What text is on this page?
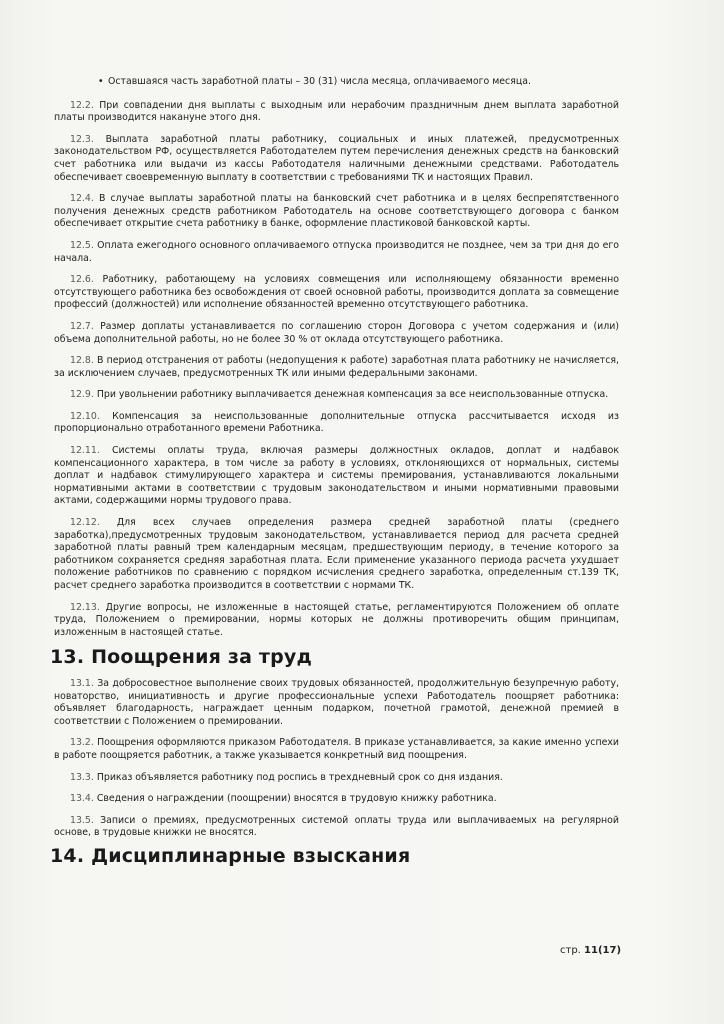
• Оставшаяся часть заработной платы – 30 (31) числа месяца, оплачиваемого месяца.

12.2. При совпадении дня выплаты с выходным или нерабочим праздничным днем выплата заработной платы производится накануне этого дня.

12.3. Выплата заработной платы работнику, социальных и иных платежей, предусмотренных законодательством РФ, осуществляется Работодателем путем перечисления денежных средств на банковский счет работника или выдачи из кассы Работодателя наличными денежными средствами. Работодатель обеспечивает своевременную выплату в соответствии с требованиями ТК и настоящих Правил.

12.4. В случае выплаты заработной платы на банковский счет работника и в целях беспрепятственного получения денежных средств работником Работодатель на основе соответствующего договора с банком обеспечивает открытие счета работнику в банке, оформление пластиковой банковской карты.

12.5. Оплата ежегодного основного оплачиваемого отпуска производится не позднее, чем за три дня до его начала.

12.6. Работнику, работающему на условиях совмещения или исполняющему обязанности временно отсутствующего работника без освобождения от своей основной работы, производится доплата за совмещение профессий (должностей) или исполнение обязанностей временно отсутствующего работника.

12.7. Размер доплаты устанавливается по соглашению сторон Договора с учетом содержания и (или) объема дополнительной работы, но не более 30 % от оклада отсутствующего работника.

12.8. В период отстранения от работы (недопущения к работе) заработная плата работнику не начисляется, за исключением случаев, предусмотренных ТК или иными федеральными законами.

12.9. При увольнении работнику выплачивается денежная компенсация за все неиспользованные отпуска.

12.10. Компенсация за неиспользованные дополнительные отпуска рассчитывается исходя из пропорционально отработанного времени Работника.

12.11. Системы оплаты труда, включая размеры должностных окладов, доплат и надбавок компенсационного характера, в том числе за работу в условиях, отклоняющихся от нормальных, системы доплат и надбавок стимулирующего характера и системы премирования, устанавливаются локальными нормативными актами в соответствии с трудовым законодательством и иными нормативными правовыми актами, содержащими нормы трудового права.

12.12. Для всех случаев определения размера средней заработной платы (среднего заработка),предусмотренных трудовым законодательством, устанавливается период для расчета средней заработной платы равный трем календарным месяцам, предшествующим периоду, в течение которого за работником сохраняется средняя заработная плата. Если применение указанного периода расчета ухудшает положение работников по сравнению с порядком исчисления среднего заработка, определенным ст.139 ТК, расчет среднего заработка производится в соответствии с нормами ТК.

12.13. Другие вопросы, не изложенные в настоящей статье, регламентируются Положением об оплате труда, Положением о премировании, нормы которых не должны противоречить общим принципам, изложенным в настоящей статье.

13. Поощрения за труд

13.1. За добросовестное выполнение своих трудовых обязанностей, продолжительную безупречную работу, новаторство, инициативность и другие профессиональные успехи Работодатель поощряет работника: объявляет благодарность, награждает ценным подарком, почетной грамотой, денежной премией в соответствии с Положением о премировании.

13.2. Поощрения оформляются приказом Работодателя. В приказе устанавливается, за какие именно успехи в работе поощряется работник, а также указывается конкретный вид поощрения.

13.3. Приказ объявляется работнику под роспись в трехдневный срок со дня издания.

13.4. Сведения о награждении (поощрении) вносятся в трудовую книжку работника.

13.5. Записи о премиях, предусмотренных системой оплаты труда или выплачиваемых на регулярной основе, в трудовые книжки не вносятся.

14. Дисциплинарные взыскания
стр. 11(17)
